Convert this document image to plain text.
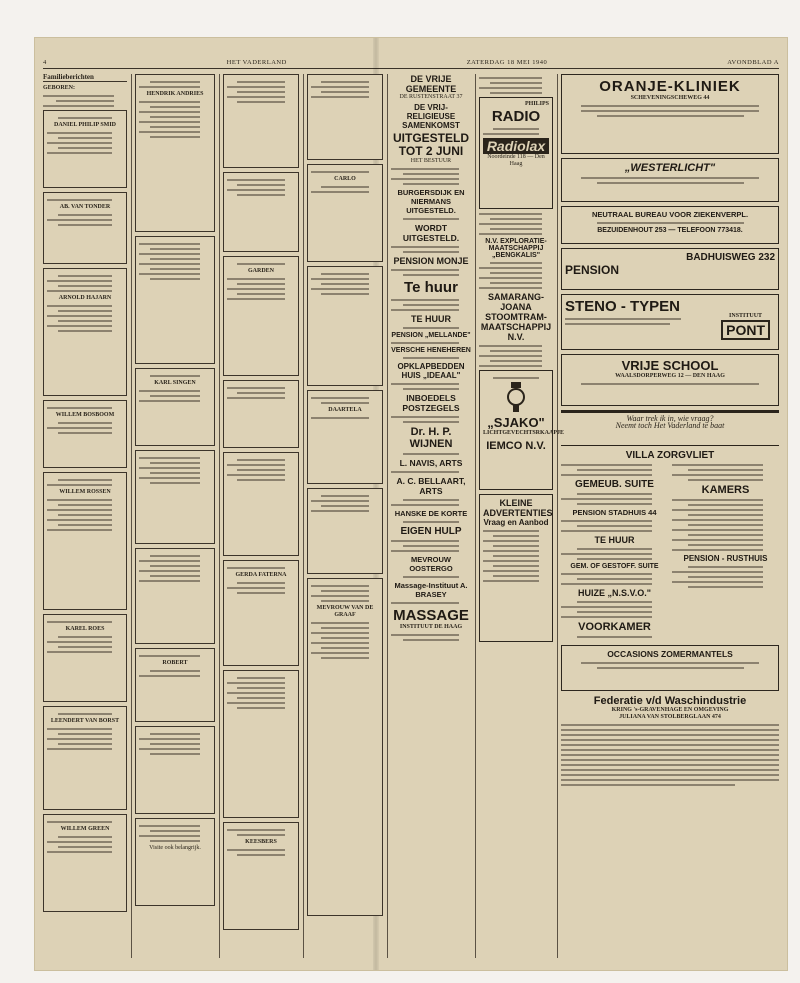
4	HET VADERLAND	ZATERDAG 18 MEI 1940	AVONDBLAD A
Familieberichten
GEBOREN:
DANIEL PHILIP SMID
AB. VAN TONDER
ARNOLD HAJARN
WILLEM BOSBOOM
WILLEM ROSSEN
KAREL ROES
LEENDERT VAN BORST
WILLEM GREEN
HENDRIK ANDRIES
KARL SINGEN
ROBERT
Visite ook belangrijk.
GARDEN
GERDA FATERNA
KEESBERS
CARLO
DAARTELA
MEVROUW VAN DE GRAAF
DE VRIJE GEMEENTE
DE RUSTENSTRAAT 37
DE VRIJ-RELIGIEUSE SAMENKOMST
UITGESTELD TOT 2 JUNI
HET BESTUUR
BURGERSDIJK EN NIERMANS
UITGESTELD.
WORDT UITGESTELD.
PENSION MONJE
Te huur
TE HUUR
PENSION „MELLANDE"
VERSCHE HENEHEREN
OPKLAPBEDDEN HUIS „IDEAAL"
INBOEDELS POSTZEGELS
Dr. H. P. WIJNEN
L. NAVIS, ARTS
A. C. BELLAART, ARTS
HANSKE DE KORTE
EIGEN HULP
MEVROUW OOSTERGO
Massage-Instituut A. BRASEY
MASSAGE
INSTITUUT DE HAAG
PHILIPS
RADIO
Radiolax
Noordeinde 118 — Den Haag
N.V. EXPLORATIE-MAATSCHAPPIJ „BENGKALIS"
SAMARANG-JOANA STOOMTRAM-MAATSCHAPPIJ N.V.
„SJAKO"
LICHTGEVECHTSRKAAPJE
IEMCO N.V.
KLEINE ADVERTENTIES
Vraag en Aanbod
ORANJE-KLINIEK
SCHEVENINGSCHEWEG 44
„WESTERLICHT"
NEUTRAAL BUREAU VOOR ZIEKENVERPL.
BEZUIDENHOUT 253 — TELEFOON 773418.
BADHUISWEG 232
PENSION
STENO - TYPEN
INSTITUUT
PONT
VRIJE SCHOOL
WAALSDORPERWEG 12 — DEN HAAG
Waar trek ik in, wie vraag?
Neemt toch Het Vaderland te baat
VILLA ZORGVLIET
GEMEUB. SUITE
PENSION STADHUIS 44
TE HUUR
GEM. OF GESTOFF. SUITE
HUIZE „N.S.V.O."
VOORKAMER
KAMERS
PENSION - RUSTHUIS
OCCASIONS ZOMERMANTELS
Federatie v/d Waschindustrie
KRING 's-GRAVENHAGE EN OMGEVING
JULIANA VAN STOLBERGLAAN 474
